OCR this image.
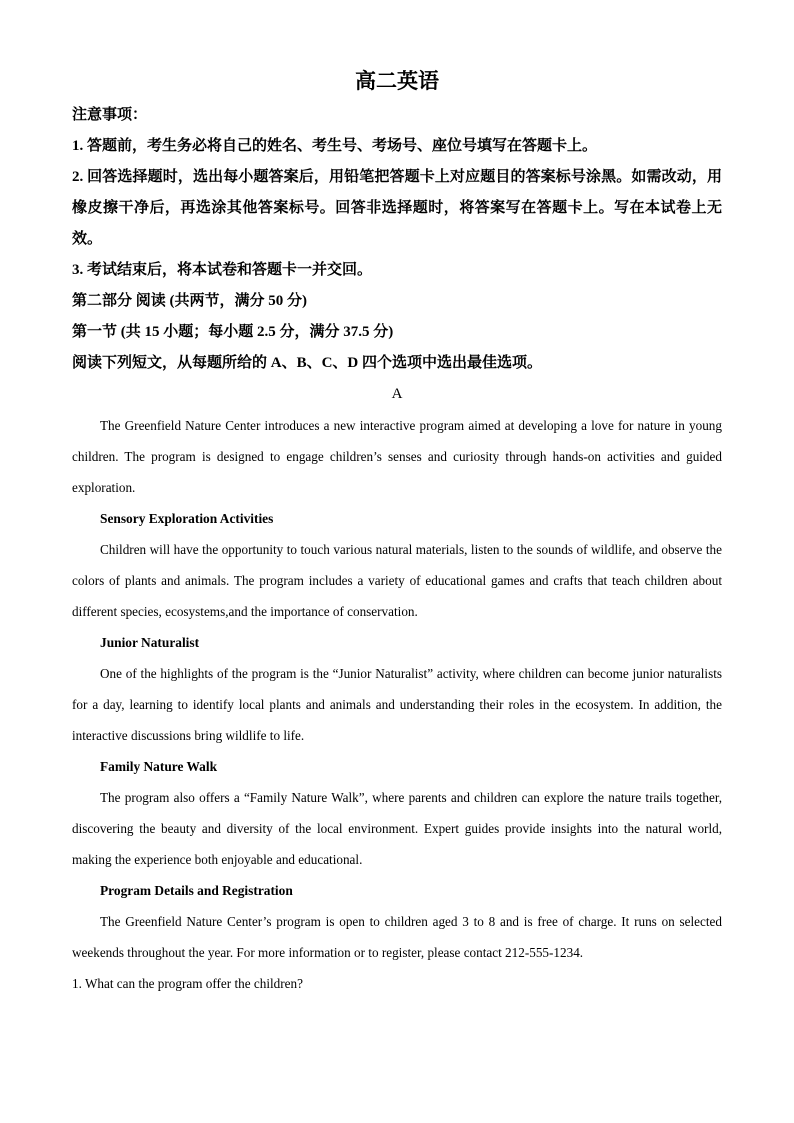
高二英语

注意事项：

1. 答题前，考生务必将自己的姓名、考生号、考场号、座位号填写在答题卡上。

2. 回答选择题时，选出每小题答案后，用铅笔把答题卡上对应题目的答案标号涂黑。如需改动，用橡皮擦干净后，再选涂其他答案标号。回答非选择题时，将答案写在答题卡上。写在本试卷上无效。

3. 考试结束后，将本试卷和答题卡一并交回。

第二部分 阅读 (共两节，满分 50 分)

第一节 (共 15 小题；每小题 2.5 分，满分 37.5 分)

阅读下列短文，从每题所给的 A、B、C、D 四个选项中选出最佳选项。

A

The Greenfield Nature Center introduces a new interactive program aimed at developing a love for nature in young children. The program is designed to engage children’s senses and curiosity through hands-on activities and guided exploration.

Sensory Exploration Activities

Children will have the opportunity to touch various natural materials, listen to the sounds of wildlife, and observe the colors of plants and animals. The program includes a variety of educational games and crafts that teach children about different species, ecosystems,and the importance of conservation.

Junior Naturalist

One of the highlights of the program is the “Junior Naturalist” activity, where children can become junior naturalists for a day, learning to identify local plants and animals and understanding their roles in the ecosystem. In addition, the interactive discussions bring wildlife to life.

Family Nature Walk

The program also offers a “Family Nature Walk”, where parents and children can explore the nature trails together, discovering the beauty and diversity of the local environment. Expert guides provide insights into the natural world, making the experience both enjoyable and educational.

Program Details and Registration

The Greenfield Nature Center’s program is open to children aged 3 to 8 and is free of charge. It runs on selected weekends throughout the year. For more information or to register, please contact 212-555-1234.

1. What can the program offer the children?
